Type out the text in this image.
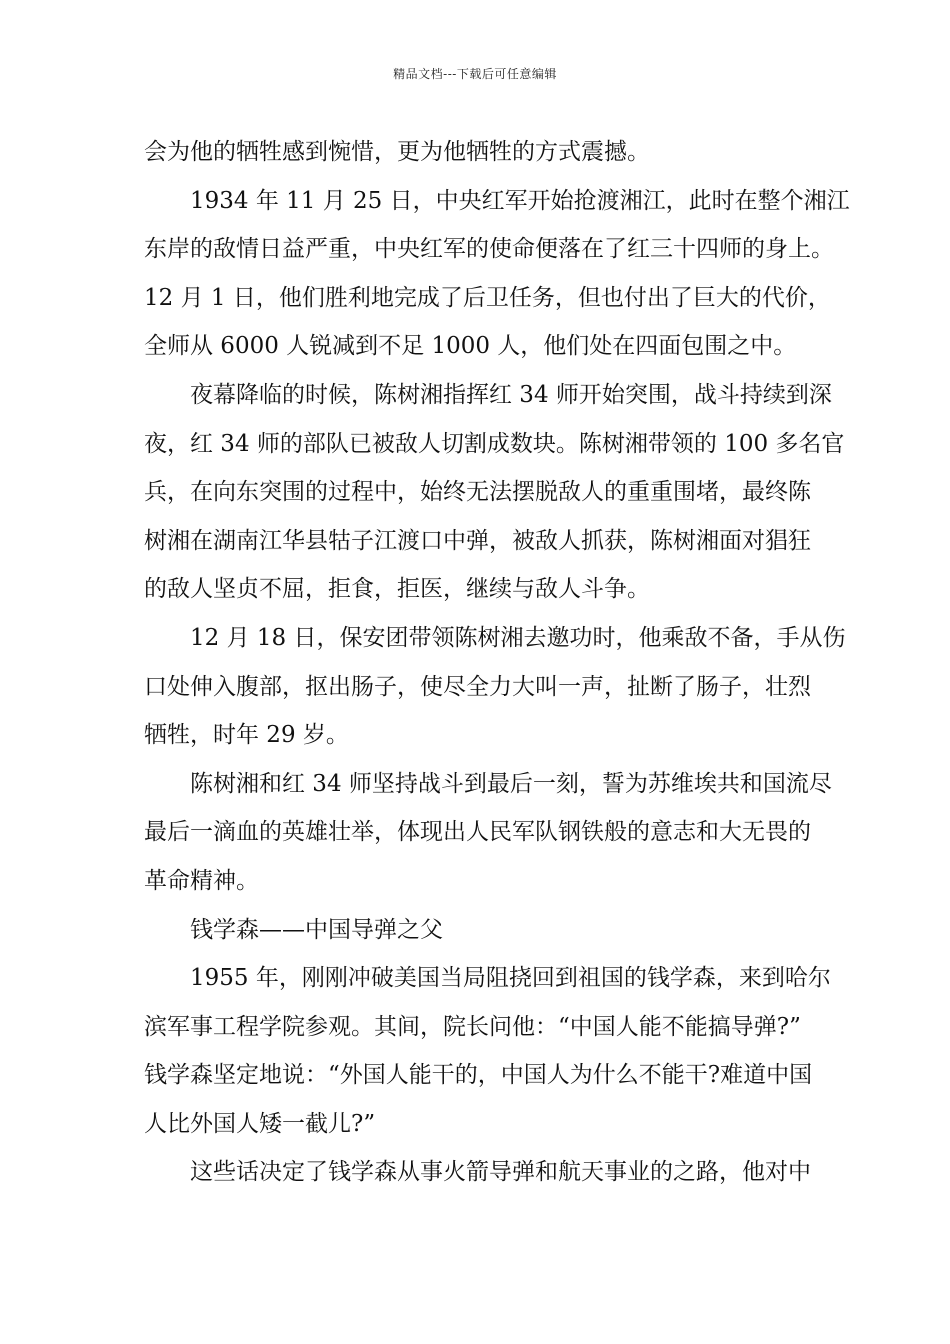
精品文档---下载后可任意编辑

会为他的牺牲感到惋惜，更为他牺牲的方式震撼。

1934 年 11 月 25 日，中央红军开始抢渡湘江，此时在整个湘江
东岸的敌情日益严重，中央红军的使命便落在了红三十四师的身上。
12 月 1 日，他们胜利地完成了后卫任务，但也付出了巨大的代价，
全师从 6000 人锐减到不足 1000 人，他们处在四面包围之中。

夜幕降临的时候，陈树湘指挥红 34 师开始突围，战斗持续到深
夜，红 34 师的部队已被敌人切割成数块。陈树湘带领的 100 多名官
兵，在向东突围的过程中，始终无法摆脱敌人的重重围堵，最终陈
树湘在湖南江华县牯子江渡口中弹，被敌人抓获，陈树湘面对猖狂
的敌人坚贞不屈，拒食，拒医，继续与敌人斗争。

12 月 18 日，保安团带领陈树湘去邀功时，他乘敌不备，手从伤
口处伸入腹部，抠出肠子，使尽全力大叫一声，扯断了肠子，壮烈
牺牲，时年 29 岁。

陈树湘和红 34 师坚持战斗到最后一刻，誓为苏维埃共和国流尽
最后一滴血的英雄壮举，体现出人民军队钢铁般的意志和大无畏的
革命精神。

钱学森——中国导弹之父

1955 年，刚刚冲破美国当局阻挠回到祖国的钱学森，来到哈尔
滨军事工程学院参观。其间，院长问他：“中国人能不能搞导弹?”
钱学森坚定地说：“外国人能干的，中国人为什么不能干?难道中国
人比外国人矮一截儿?”

这些话决定了钱学森从事火箭导弹和航天事业的之路，他对中
